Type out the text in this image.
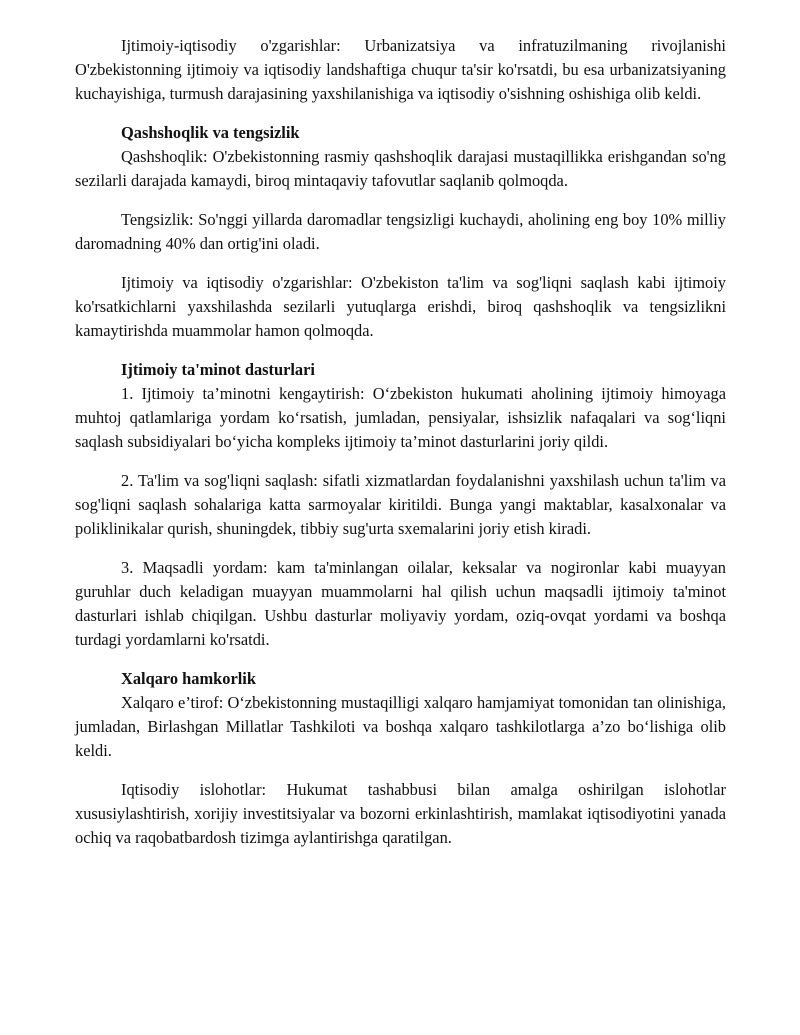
Ijtimoiy-iqtisodiy o'zgarishlar: Urbanizatsiya va infratuzilmaning rivojlanishi O'zbekistonning ijtimoiy va iqtisodiy landshaftiga chuqur ta'sir ko'rsatdi, bu esa urbanizatsiyaning kuchayishiga, turmush darajasining yaxshilanishiga va iqtisodiy o'sishning oshishiga olib keldi.

Qashshoqlik va tengsizlik

Qashshoqlik: O'zbekistonning rasmiy qashshoqlik darajasi mustaqillikka erishgandan so'ng sezilarli darajada kamaydi, biroq mintaqaviy tafovutlar saqlanib qolmoqda.

Tengsizlik: So'nggi yillarda daromadlar tengsizligi kuchaydi, aholining eng boy 10% milliy daromadning 40% dan ortig'ini oladi.

Ijtimoiy va iqtisodiy o'zgarishlar: O'zbekiston ta'lim va sog'liqni saqlash kabi ijtimoiy ko'rsatkichlarni yaxshilashda sezilarli yutuqlarga erishdi, biroq qashshoqlik va tengsizlikni kamaytirishda muammolar hamon qolmoqda.

Ijtimoiy ta'minot dasturlari

1. Ijtimoiy ta’minotni kengaytirish: O‘zbekiston hukumati aholining ijtimoiy himoyaga muhtoj qatlamlariga yordam ko‘rsatish, jumladan, pensiyalar, ishsizlik nafaqalari va sog‘liqni saqlash subsidiyalari bo‘yicha kompleks ijtimoiy ta’minot dasturlarini joriy qildi.

2. Ta'lim va sog'liqni saqlash: sifatli xizmatlardan foydalanishni yaxshilash uchun ta'lim va sog'liqni saqlash sohalariga katta sarmoyalar kiritildi. Bunga yangi maktablar, kasalxonalar va poliklinikalar qurish, shuningdek, tibbiy sug'urta sxemalarini joriy etish kiradi.

3. Maqsadli yordam: kam ta'minlangan oilalar, keksalar va nogironlar kabi muayyan guruhlar duch keladigan muayyan muammolarni hal qilish uchun maqsadli ijtimoiy ta'minot dasturlari ishlab chiqilgan. Ushbu dasturlar moliyaviy yordam, oziq-ovqat yordami va boshqa turdagi yordamlarni ko'rsatdi.

Xalqaro hamkorlik

Xalqaro e’tirof: O‘zbekistonning mustaqilligi xalqaro hamjamiyat tomonidan tan olinishiga, jumladan, Birlashgan Millatlar Tashkiloti va boshqa xalqaro tashkilotlarga a’zo bo‘lishiga olib keldi.

Iqtisodiy islohotlar: Hukumat tashabbusi bilan amalga oshirilgan islohotlar xususiylashtirish, xorijiy investitsiyalar va bozorni erkinlashtirish, mamlakat iqtisodiyotini yanada ochiq va raqobatbardosh tizimga aylantirishga qaratilgan.
